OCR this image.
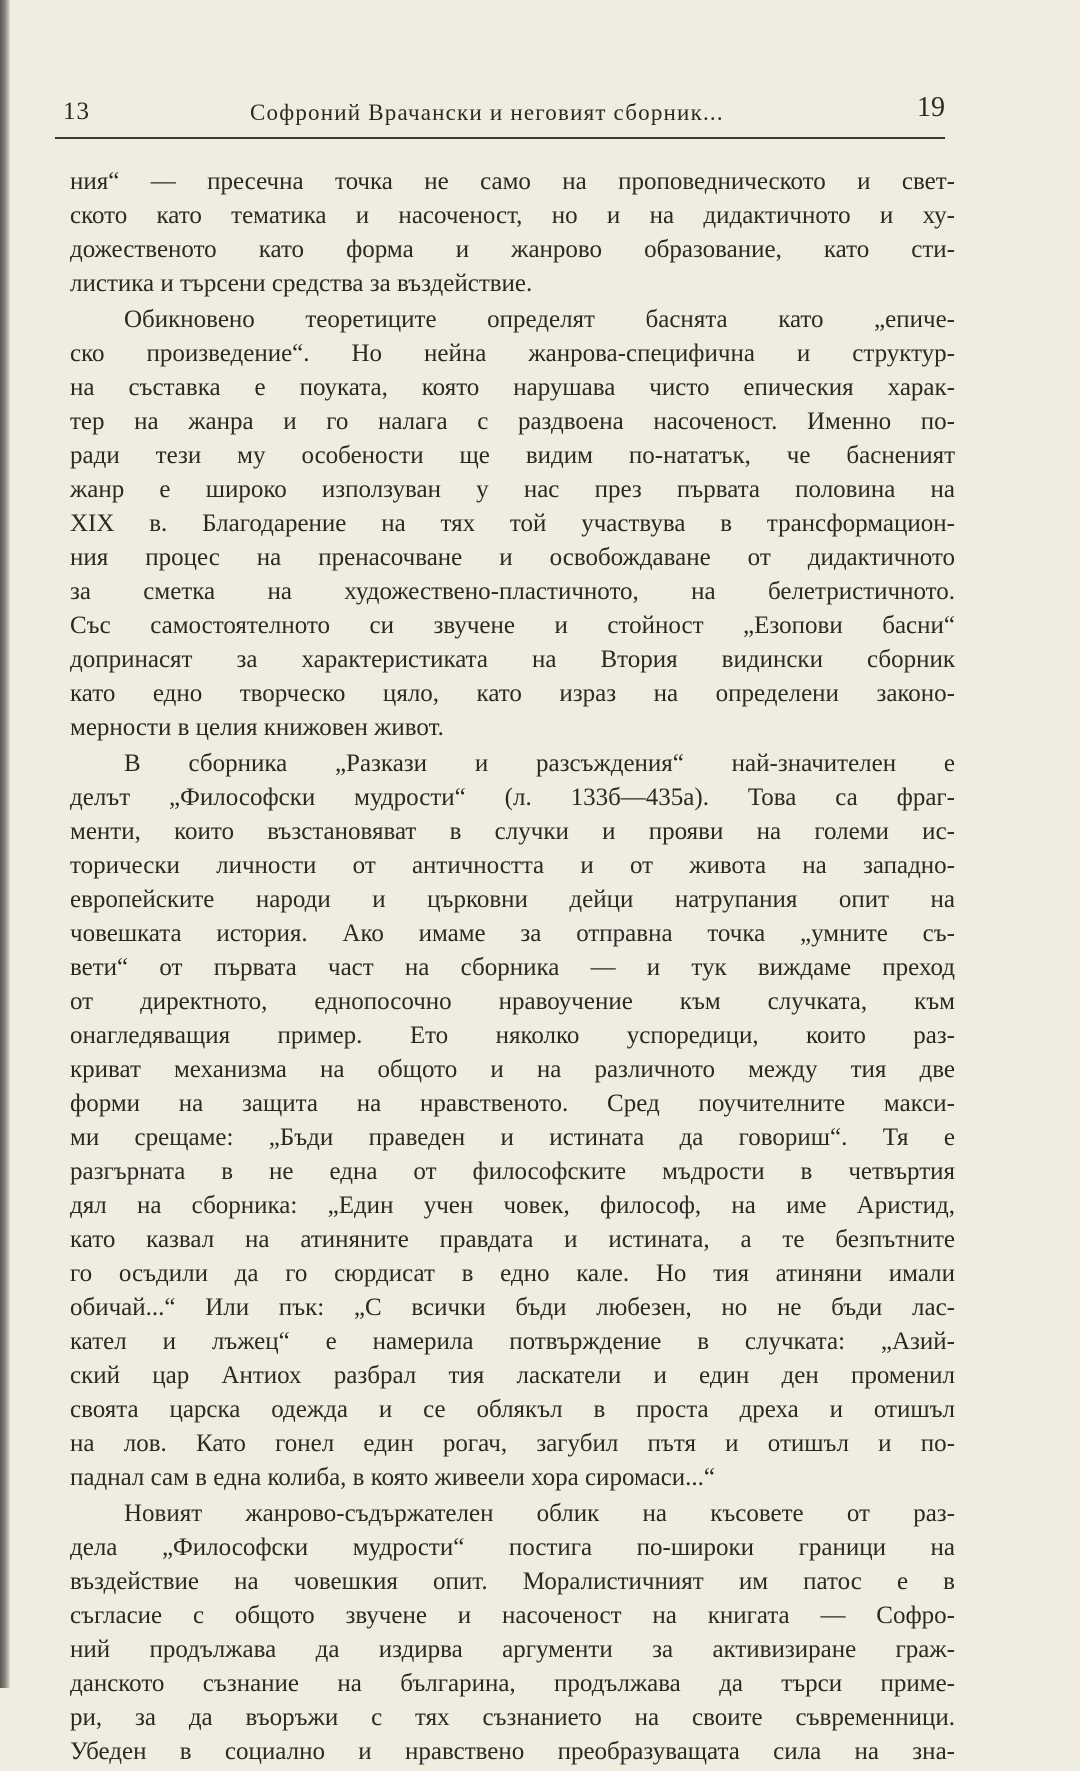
13	Софроний Врачански и неговият сборник...	19
ния“ — пресечна точка не само на проповедническото и свет-
ското като тематика и насоченост, но и на дидактичното и ху-
дожественото като форма и жанрово образование, като сти-
листика и търсени средства за въздействие.
Обикновено теоретиците определят баснята като „епиче-
ско произведение“. Но нейна жанрова-специфична и структур-
на съставка е поуката, която нарушава чисто епическия харак-
тер на жанра и го налага с раздвоена насоченост. Именно по-
ради тези му особености ще видим по-нататък, че басненият
жанр е широко използуван у нас през първата половина на
XIX в. Благодарение на тях той участвува в трансформацион-
ния процес на пренасочване и освобождаване от дидактичното
за сметка на художествено-пластичното, на белетристичното.
Със самостоятелното си звучене и стойност „Езопови басни“
допринасят за характеристиката на Втория видински сборник
като едно творческо цяло, като израз на определени законо-
мерности в целия книжовен живот.
В сборника „Разкази и разсъждения“ най-значителен е
делът „Философски мудрости“ (л. 133б—435а). Това са фраг-
менти, които възстановяват в случки и прояви на големи ис-
торически личности от античността и от живота на западно-
европейските народи и църковни дейци натрупания опит на
човешката история. Ако имаме за отправна точка „умните съ-
вети“ от първата част на сборника — и тук виждаме преход
от директното, еднопосочно нравоучение към случката, към
онагледяващия пример. Ето няколко успоредици, които раз-
криват механизма на общото и на различното между тия две
форми на защита на нравственото. Сред поучителните макси-
ми срещаме: „Бъди праведен и истината да говориш“. Тя е
разгърната в не една от философските мъдрости в четвъртия
дял на сборника: „Един учен човек, философ, на име Аристид,
като казвал на атиняните правдата и истината, а те безпътните
го осъдили да го сюрдисат в едно кале. Но тия атиняни имали
обичай...“ Или пък: „С всички бъди любезен, но не бъди лас-
кател и лъжец“ е намерила потвърждение в случката: „Азий-
ский цар Антиох разбрал тия ласкатели и един ден променил
своята царска одежда и се облякъл в проста дреха и отишъл
на лов. Като гонел един рогач, загубил пътя и отишъл и по-
паднал сам в една колиба, в която живеели хора сиромаси...“
Новият жанрово-съдържателен облик на късовете от раз-
дела „Философски мудрости“ постига по-широки граници на
въздействие на човешкия опит. Моралистичният им патос е в
съгласие с общото звучене и насоченост на книгата — Софро-
ний продължава да издирва аргументи за активизиране граж-
данското съзнание на българина, продължава да търси приме-
ри, за да въоръжи с тях съзнанието на своите съвременници.
Убеден в социално и нравствено преобразуващата сила на зна-
